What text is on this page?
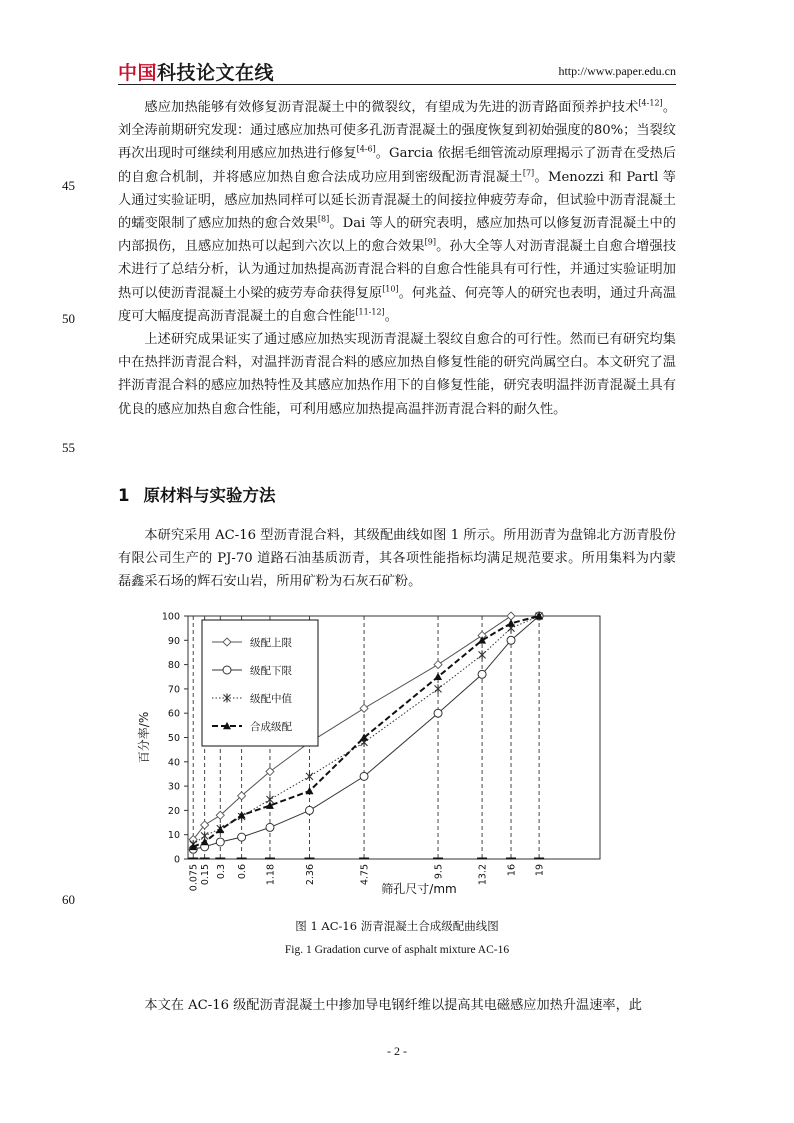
中国科技论文在线	http://www.paper.edu.cn
45
50
55
60

感应加热能够有效修复沥青混凝土中的微裂纹，有望成为先进的沥青路面预养护技术[4-12]。刘全涛前期研究发现：通过感应加热可使多孔沥青混凝土的强度恢复到初始强度的80%；当裂纹再次出现时可继续利用感应加热进行修复[4-6]。Garcia 依据毛细管流动原理揭示了沥青在受热后的自愈合机制，并将感应加热自愈合法成功应用到密级配沥青混凝土[7]。Menozzi 和 Partl 等人通过实验证明，感应加热同样可以延长沥青混凝土的间接拉伸疲劳寿命，但试验中沥青混凝土的蠕变限制了感应加热的愈合效果[8]。Dai 等人的研究表明，感应加热可以修复沥青混凝土中的内部损伤，且感应加热可以起到六次以上的愈合效果[9]。孙大全等人对沥青混凝土自愈合增强技术进行了总结分析，认为通过加热提高沥青混合料的自愈合性能具有可行性，并通过实验证明加热可以使沥青混凝土小梁的疲劳寿命获得复原[10]。何兆益、何亮等人的研究也表明，通过升高温度可大幅度提高沥青混凝土的自愈合性能[11-12]。

上述研究成果证实了通过感应加热实现沥青混凝土裂纹自愈合的可行性。然而已有研究均集中在热拌沥青混合料，对温拌沥青混合料的感应加热自修复性能的研究尚属空白。本文研究了温拌沥青混合料的感应加热特性及其感应加热作用下的自修复性能，研究表明温拌沥青混凝土具有优良的感应加热自愈合性能，可利用感应加热提高温拌沥青混合料的耐久性。

1 原材料与实验方法

本研究采用 AC-16 型沥青混合料，其级配曲线如图 1 所示。所用沥青为盘锦北方沥青股份有限公司生产的 PJ-70 道路石油基质沥青，其各项性能指标均满足规范要求。所用集料为内蒙磊鑫采石场的辉石安山岩，所用矿粉为石灰石矿粉。

0
10
20
30
40
50
60
70
80
90
100
0.075 0.15 0.3 0.6 1.18	2.36	4.75	9.5	13.2 16 19
百分率/%
筛孔尺寸/mm
级配上限
级配下限
级配中值
合成级配
图 1 AC-16 沥青混凝土合成级配曲线图
Fig. 1 Gradation curve of asphalt mixture AC-16
本文在 AC-16 级配沥青混凝土中掺加导电钢纤维以提高其电磁感应加热升温速率，此
- 2 -
